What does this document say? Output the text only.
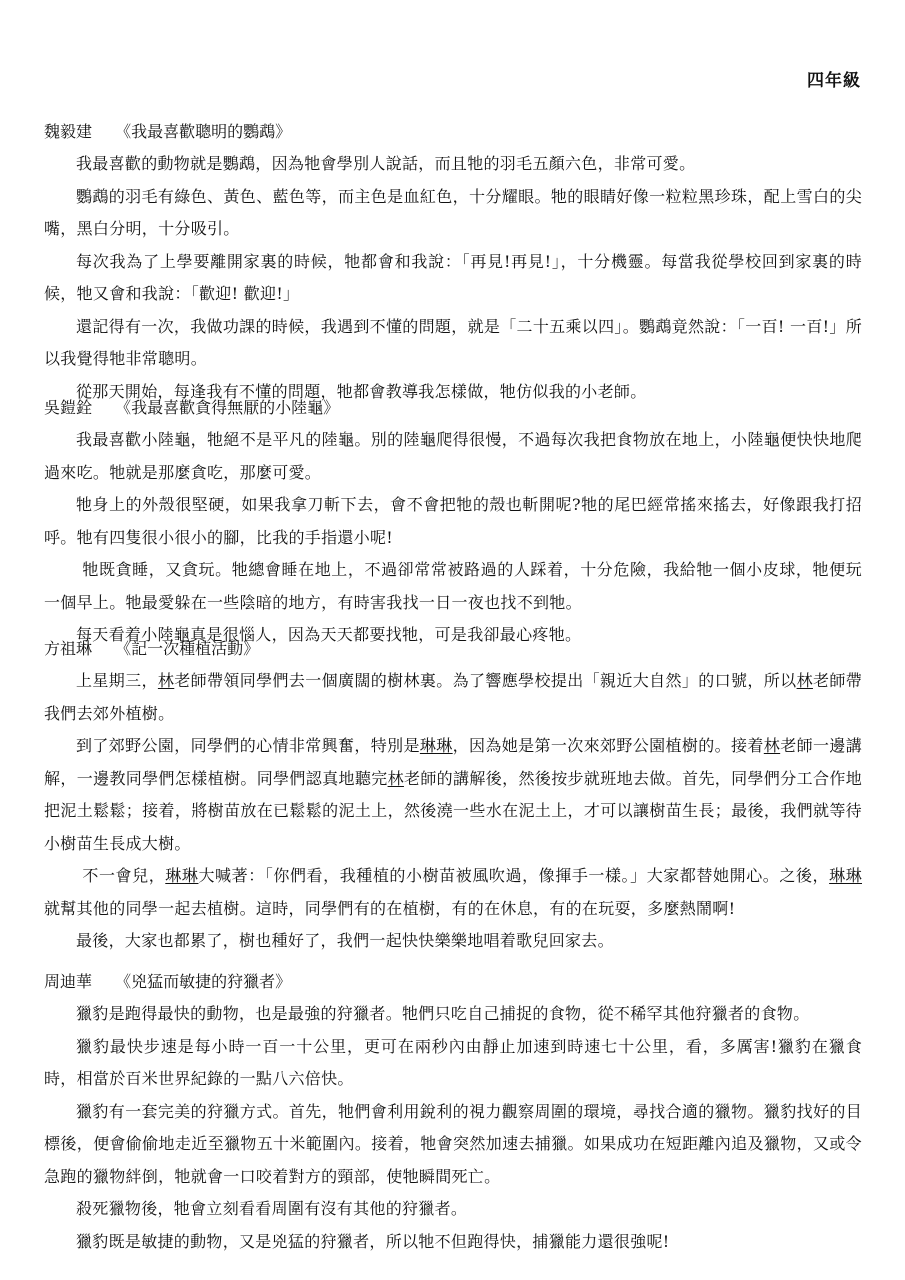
四年級
魏毅建 《我最喜歡聰明的鸚鵡》

我最喜歡的動物就是鸚鵡，因為牠會學別人說話，而且牠的羽毛五顏六色，非常可愛。

鸚鵡的羽毛有綠色、黃色、藍色等，而主色是血紅色，十分耀眼。牠的眼睛好像一粒粒黑珍珠，配上雪白的尖嘴，黑白分明，十分吸引。

每次我為了上學要離開家裏的時候，牠都會和我說：「再見!再見!」，十分機靈。每當我從學校回到家裏的時候，牠又會和我說：「歡迎! 歡迎!」

還記得有一次，我做功課的時候，我遇到不懂的問題，就是「二十五乘以四」。鸚鵡竟然說：「一百! 一百!」所以我覺得牠非常聰明。

從那天開始，每逢我有不懂的問題，牠都會教導我怎樣做，牠仿似我的小老師。

吳鎧銓 《我最喜歡貪得無厭的小陸龜》

我最喜歡小陸龜，牠絕不是平凡的陸龜。別的陸龜爬得很慢，不過每次我把食物放在地上，小陸龜便快快地爬過來吃。牠就是那麼貪吃，那麼可愛。

牠身上的外殼很堅硬，如果我拿刀斬下去，會不會把牠的殼也斬開呢?牠的尾巴經常搖來搖去，好像跟我打招呼。牠有四隻很小很小的腳，比我的手指還小呢!

牠既貪睡，又貪玩。牠總會睡在地上，不過卻常常被路過的人踩着，十分危險，我給牠一個小皮球，牠便玩一個早上。牠最愛躲在一些陰暗的地方，有時害我找一日一夜也找不到牠。

每天看着小陸龜真是很惱人，因為天天都要找牠，可是我卻最心疼牠。

方祖琳 《記一次種植活動》

上星期三，林老師帶領同學們去一個廣闊的樹林裏。為了響應學校提出「親近大自然」的口號，所以林老師帶我們去郊外植樹。

到了郊野公園，同學們的心情非常興奮，特別是琳琳，因為她是第一次來郊野公園植樹的。接着林老師一邊講解，一邊教同學們怎樣植樹。同學們認真地聽完林老師的講解後，然後按步就班地去做。首先，同學們分工合作地把泥土鬆鬆；接着，將樹苗放在已鬆鬆的泥土上，然後澆一些水在泥土上，才可以讓樹苗生長；最後，我們就等待小樹苗生長成大樹。

不一會兒，琳琳大喊著：「你們看，我種植的小樹苗被風吹過，像揮手一樣。」大家都替她開心。之後，琳琳就幫其他的同學一起去植樹。這時，同學們有的在植樹，有的在休息，有的在玩耍，多麼熱鬧啊!

最後，大家也都累了，樹也種好了，我們一起快快樂樂地唱着歌兒回家去。

周迪華 《兇猛而敏捷的狩獵者》

獵豹是跑得最快的動物，也是最強的狩獵者。牠們只吃自己捕捉的食物，從不稀罕其他狩獵者的食物。

獵豹最快步速是每小時一百一十公里，更可在兩秒內由靜止加速到時速七十公里，看，多厲害!獵豹在獵食時，相當於百米世界紀錄的一點八六倍快。

獵豹有一套完美的狩獵方式。首先，牠們會利用銳利的視力觀察周圍的環境，尋找合適的獵物。獵豹找好的目標後，便會偷偷地走近至獵物五十米範圍內。接着，牠會突然加速去捕獵。如果成功在短距離內追及獵物，又或令急跑的獵物絆倒，牠就會一口咬着對方的頸部，使牠瞬間死亡。

殺死獵物後，牠會立刻看看周圍有沒有其他的狩獵者。

獵豹既是敏捷的動物，又是兇猛的狩獵者，所以牠不但跑得快，捕獵能力還很強呢!
